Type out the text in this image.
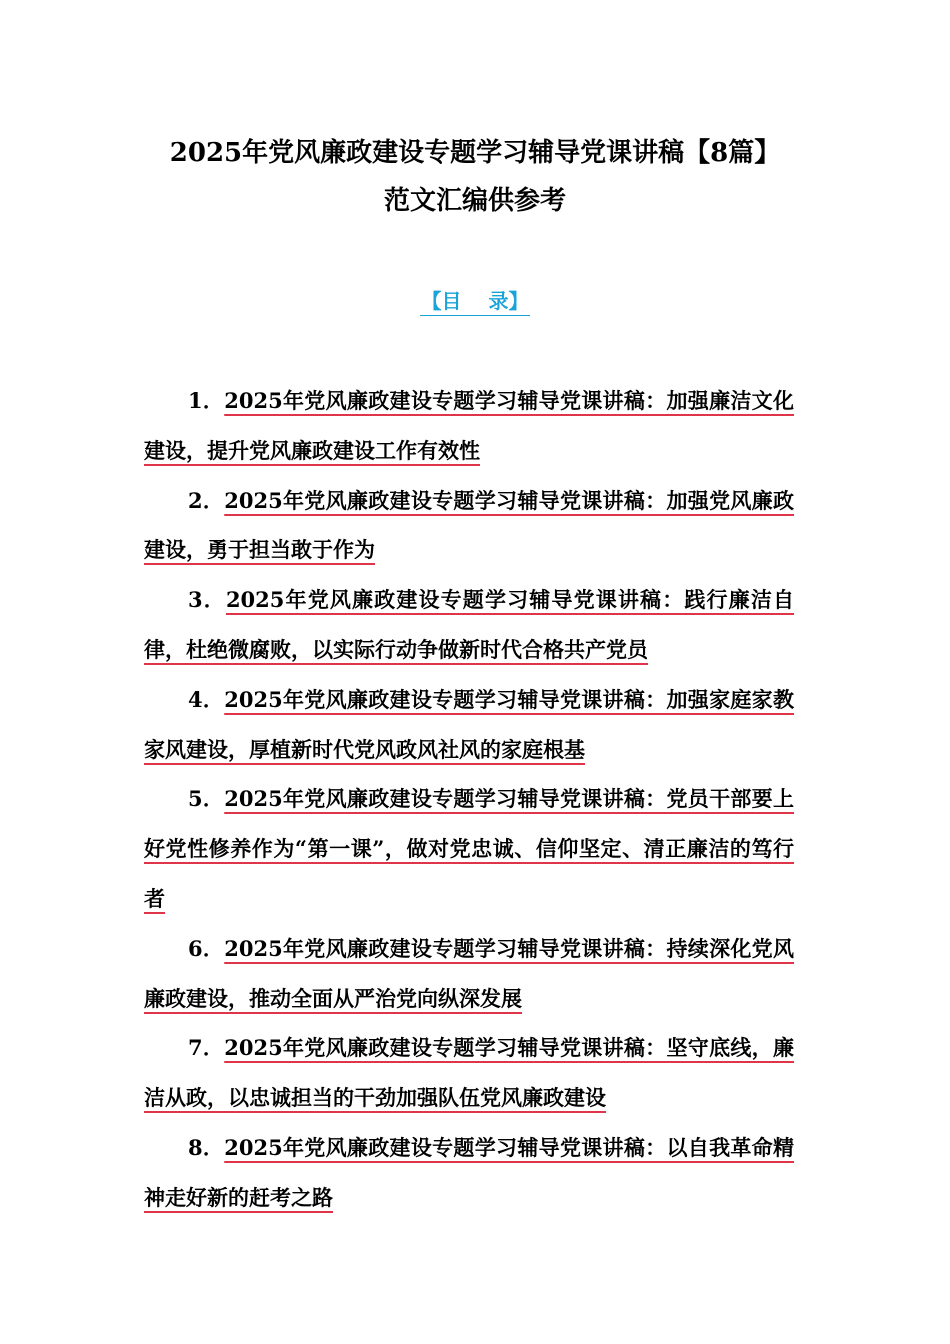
2025年党风廉政建设专题学习辅导党课讲稿【8篇】
范文汇编供参考
【目　 录】
1．2025年党风廉政建设专题学习辅导党课讲稿：加强廉洁文化建设，提升党风廉政建设工作有效性
2．2025年党风廉政建设专题学习辅导党课讲稿：加强党风廉政建设，勇于担当敢于作为
3．2025年党风廉政建设专题学习辅导党课讲稿：践行廉洁自律，杜绝微腐败，以实际行动争做新时代合格共产党员
4．2025年党风廉政建设专题学习辅导党课讲稿：加强家庭家教家风建设，厚植新时代党风政风社风的家庭根基
5．2025年党风廉政建设专题学习辅导党课讲稿：党员干部要上好党性修养作为“第一课”，做对党忠诚、信仰坚定、清正廉洁的笃行者
6．2025年党风廉政建设专题学习辅导党课讲稿：持续深化党风廉政建设，推动全面从严治党向纵深发展
7．2025年党风廉政建设专题学习辅导党课讲稿：坚守底线，廉洁从政，以忠诚担当的干劲加强队伍党风廉政建设
8．2025年党风廉政建设专题学习辅导党课讲稿：以自我革命精神走好新的赶考之路
